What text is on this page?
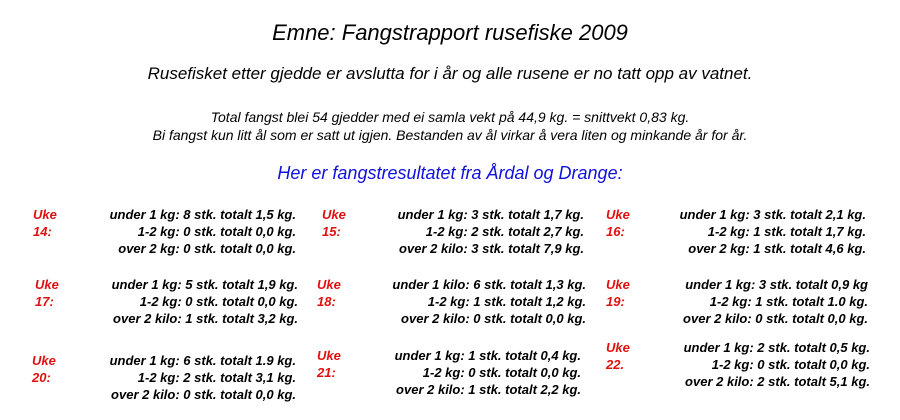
Emne: Fangstrapport rusefiske 2009
Rusefisket etter gjedde er avslutta for i år og alle rusene er no tatt opp av vatnet.
Total fangst blei 54 gjedder med ei samla vekt på 44,9 kg. = snittvekt 0,83 kg.
Bi fangst kun litt ål som er satt ut igjen. Bestanden av ål virkar å vera liten og minkande år for år.
Her er fangstresultatet fra Årdal og Drange:
Uke 14:
under 1 kg: 8 stk. totalt 1,5 kg.
1-2 kg: 0 stk. totalt 0,0 kg.
over 2 kg: 0 stk. totalt 0,0 kg.
Uke 15:
under 1 kg: 3 stk. totalt 1,7 kg.
1-2 kg: 2 stk. totalt 2,7 kg.
over 2 kilo: 3 stk. totalt 7,9 kg.
Uke 16:
under 1 kg: 3 stk. totalt 2,1 kg.
1-2 kg: 1 stk. totalt 1,7 kg.
over 2 kg: 1 stk. totalt 4,6 kg.
Uke 17:
under 1 kg: 5 stk. totalt 1,9 kg.
1-2 kg: 0 stk. totalt 0,0 kg.
over 2 kilo: 1 stk. totalt 3,2 kg.
Uke 18:
under 1 kilo: 6 stk. totalt 1,3 kg.
1-2 kg: 1 stk. totalt 1,2 kg.
over 2 kilo: 0 stk. totalt 0,0 kg.
Uke 19:
under 1 kg: 3 stk. totalt 0,9 kg
1-2 kg: 1 stk. totalt 1.0 kg.
over 2 kilo: 0 stk. totalt 0,0 kg.
Uke 20:
under 1 kg: 6 stk. totalt 1.9 kg.
1-2 kg: 2 stk. totalt 3,1 kg.
over 2 kilo: 0 stk. totalt 0,0 kg.
Uke 21:
under 1 kg: 1 stk. totalt 0,4 kg.
1-2 kg: 0 stk. totalt 0,0 kg.
over 2 kilo: 1 stk. totalt 2,2 kg.
Uke 22.
under 1 kg: 2 stk. totalt 0,5 kg.
1-2 kg: 0 stk. totalt 0,0 kg.
over 2 kilo: 2 stk. totalt 5,1 kg.
